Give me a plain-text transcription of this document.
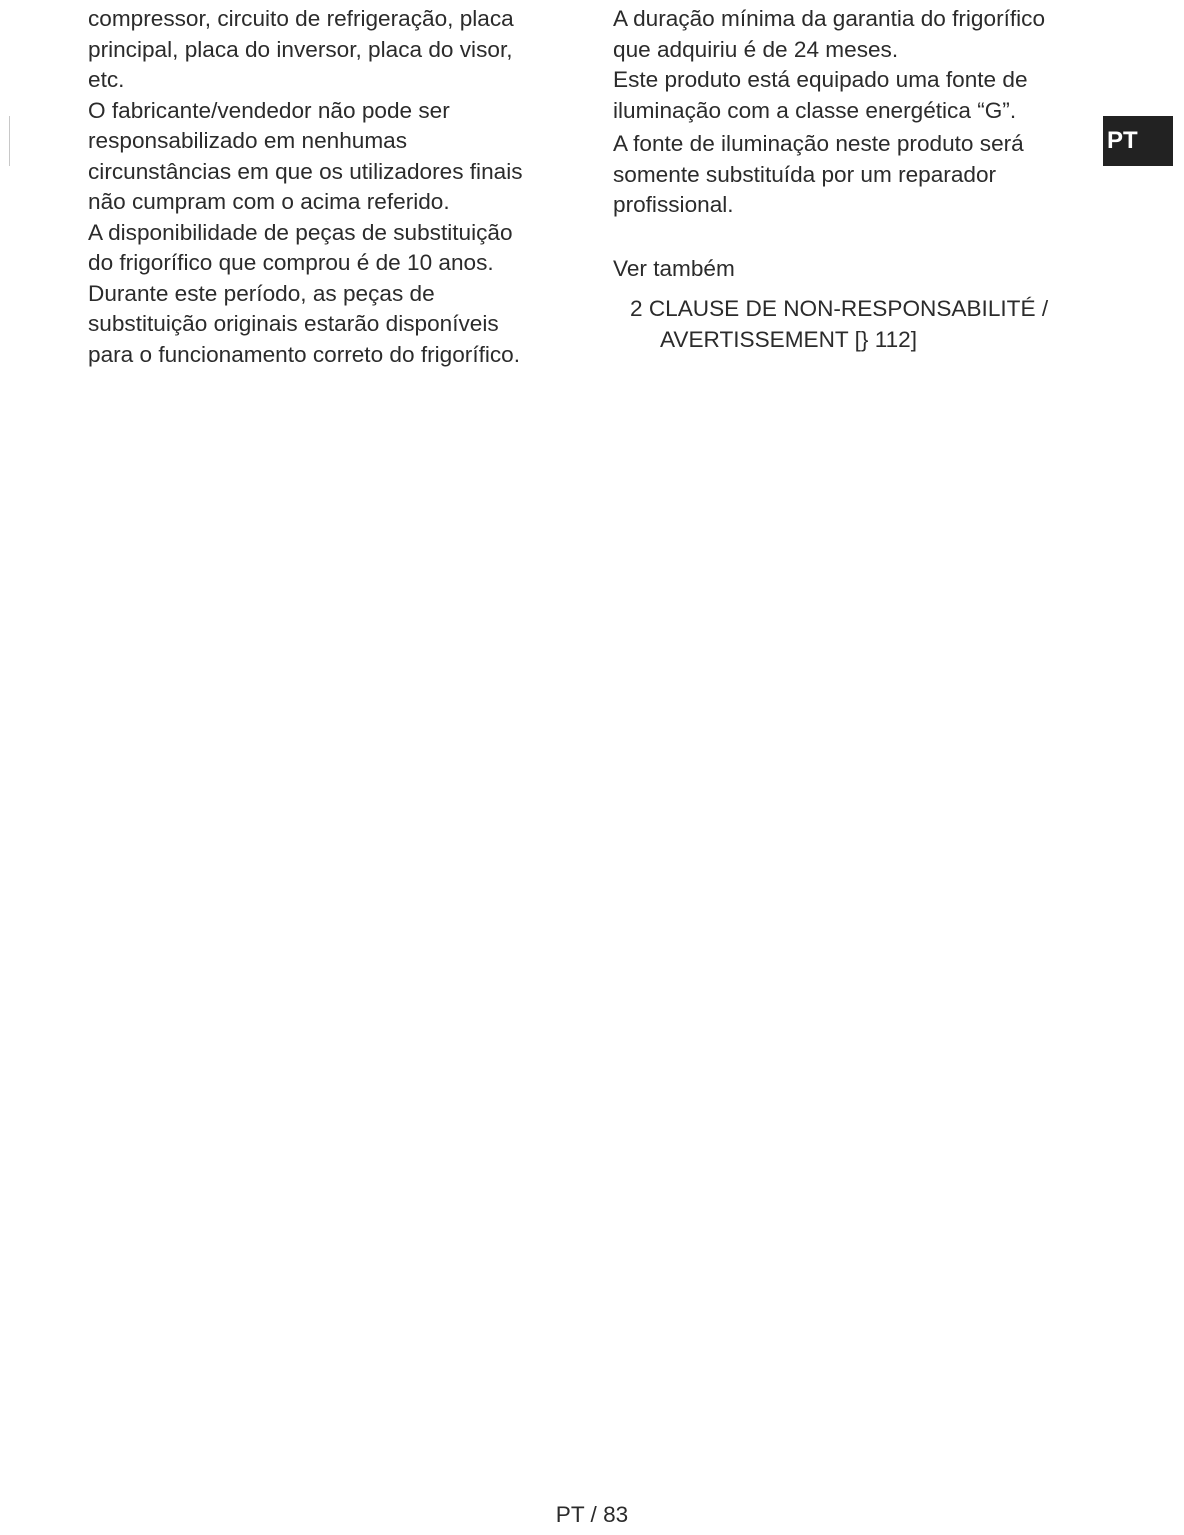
compressor, circuito de refrigeração, placa
principal, placa do inversor, placa do visor,
etc.
O fabricante/vendedor não pode ser
responsabilizado em nenhumas
circunstâncias em que os utilizadores finais
não cumpram com o acima referido.
A disponibilidade de peças de substituição
do frigorífico que comprou é de 10 anos.
Durante este período, as peças de
substituição originais estarão disponíveis
para o funcionamento correto do frigorífico.
A duração mínima da garantia do frigorífico
que adquiriu é de 24 meses.
Este produto está equipado uma fonte de
iluminação com a classe energética “G”.
A fonte de iluminação neste produto será
somente substituída por um reparador
profissional.
Ver também
2 CLAUSE DE NON-RESPONSABILITÉ /
AVERTISSEMENT [} 112]
PT
PT / 83
